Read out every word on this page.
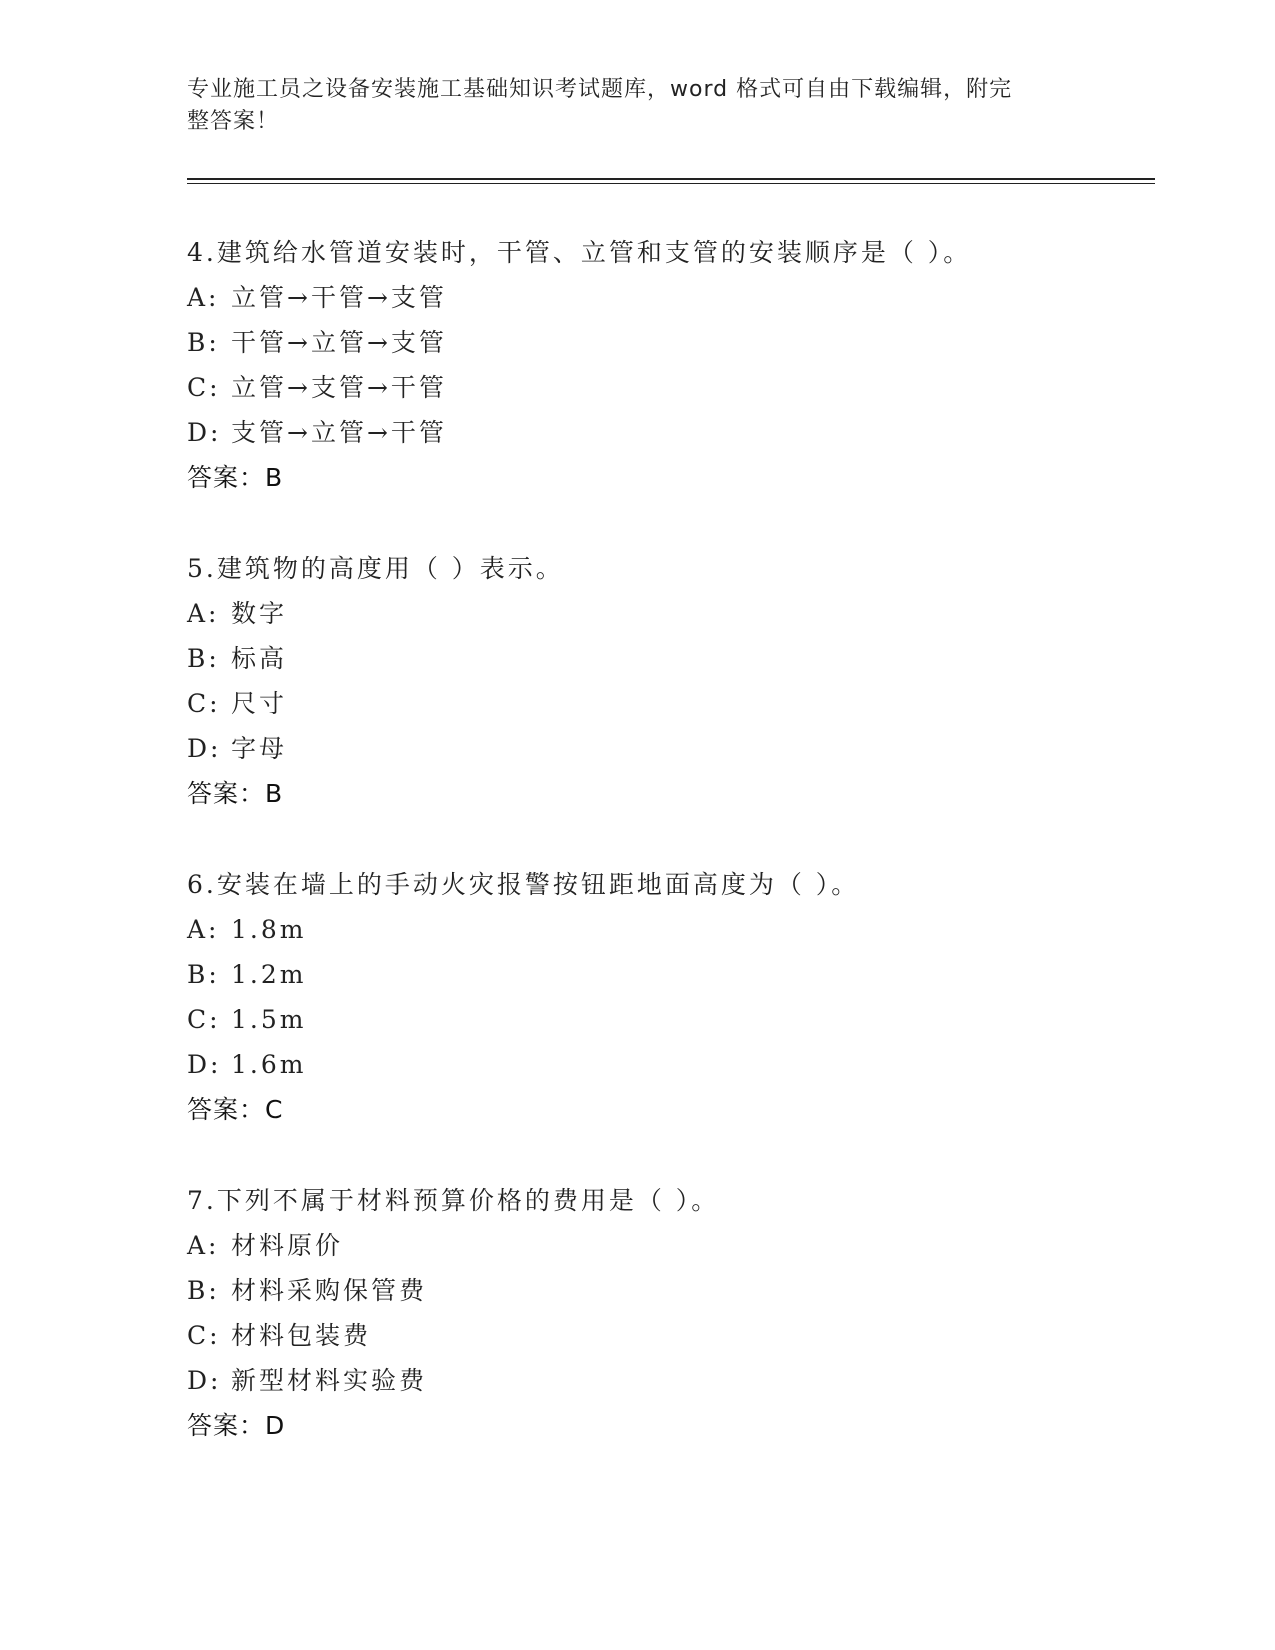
专业施工员之设备安装施工基础知识考试题库，word 格式可自由下载编辑，附完
整答案！
4.建筑给水管道安装时，干管、立管和支管的安装顺序是（ ）。
A: 立管→干管→支管
B: 干管→立管→支管
C: 立管→支管→干管
D: 支管→立管→干管
答案：B
5.建筑物的高度用（ ）表示。
A: 数字
B: 标高
C: 尺寸
D: 字母
答案：B
6.安装在墙上的手动火灾报警按钮距地面高度为（ ）。
A: 1.8m
B: 1.2m
C: 1.5m
D: 1.6m
答案：C
7.下列不属于材料预算价格的费用是（ ）。
A: 材料原价
B: 材料采购保管费
C: 材料包装费
D: 新型材料实验费
答案：D
